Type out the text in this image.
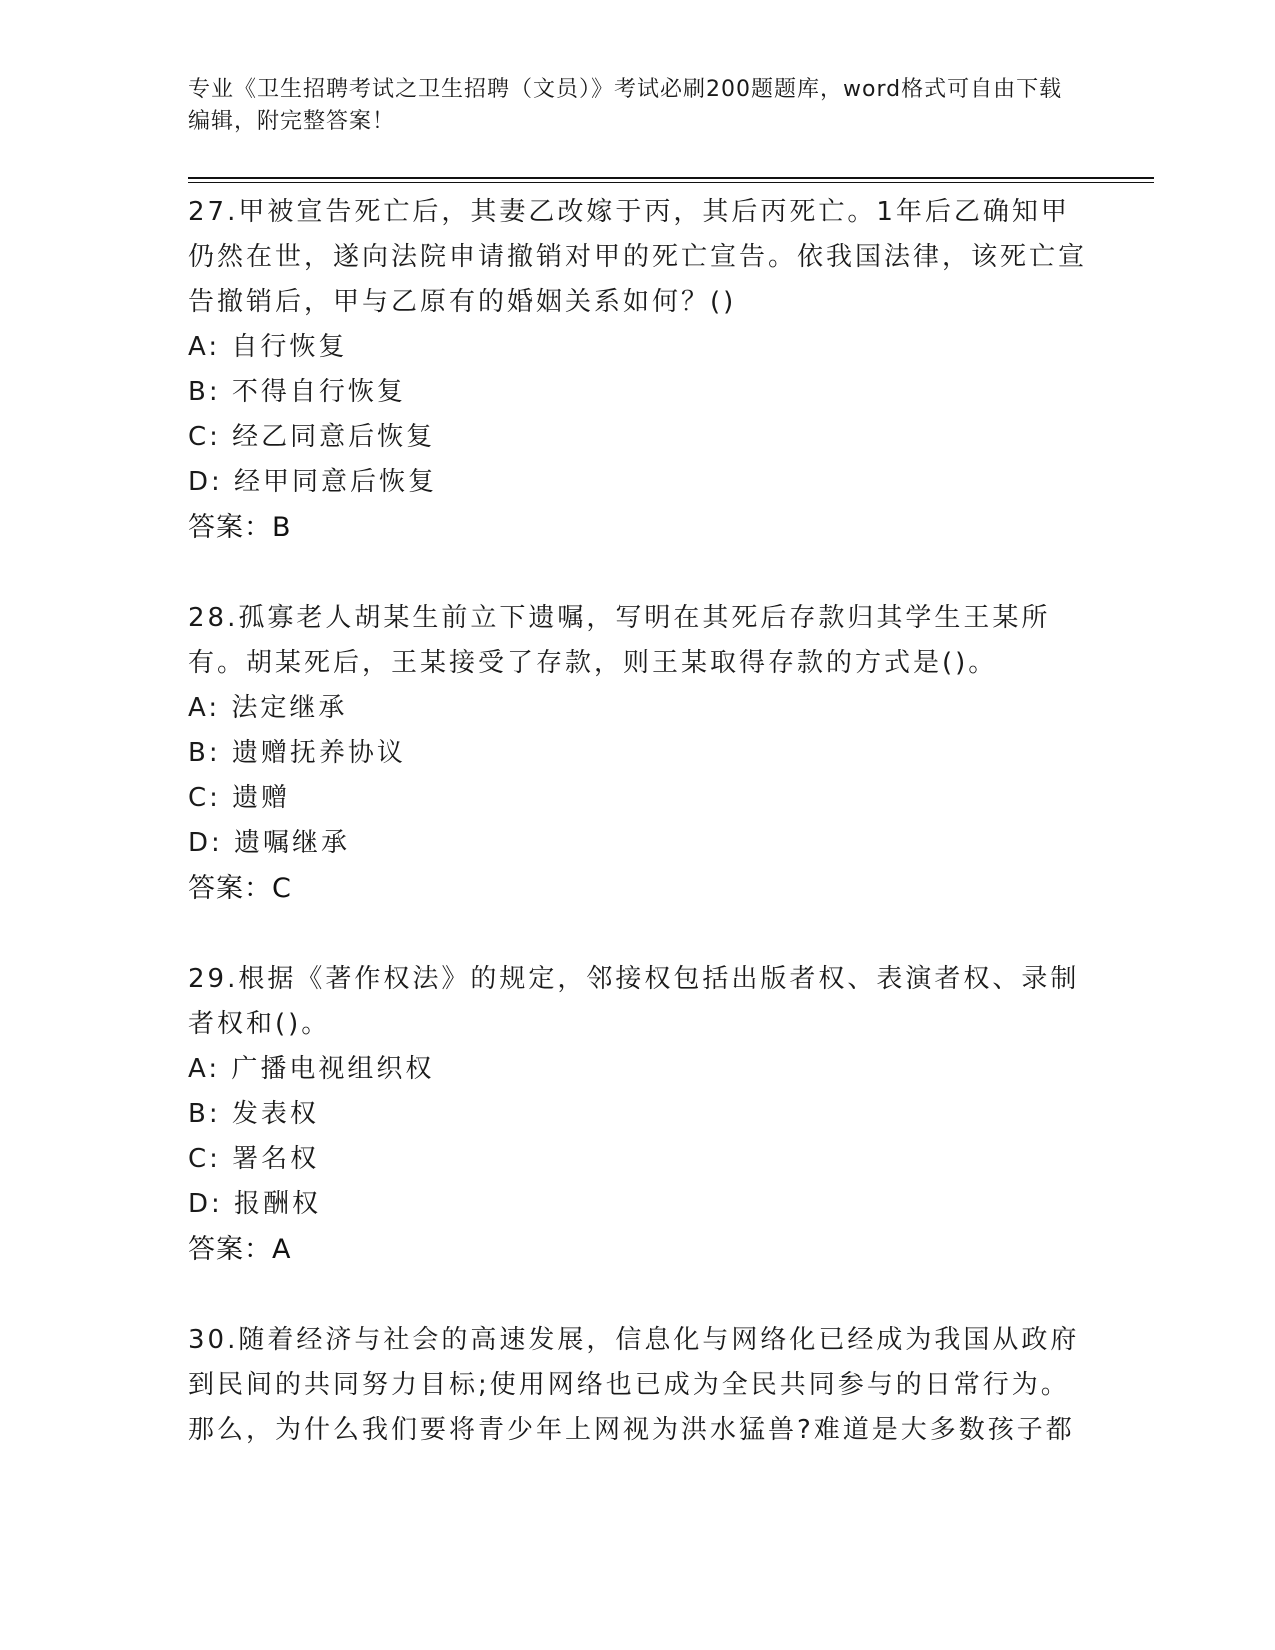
专业《卫生招聘考试之卫生招聘（文员）》考试必刷200题题库，word格式可自由下载编辑，附完整答案！

27.甲被宣告死亡后，其妻乙改嫁于丙，其后丙死亡。1年后乙确知甲仍然在世，遂向法院申请撤销对甲的死亡宣告。依我国法律，该死亡宣告撤销后，甲与乙原有的婚姻关系如何？()

A: 自行恢复

B: 不得自行恢复

C: 经乙同意后恢复

D: 经甲同意后恢复

答案：B

28.孤寡老人胡某生前立下遗嘱，写明在其死后存款归其学生王某所有。胡某死后，王某接受了存款，则王某取得存款的方式是()。

A: 法定继承

B: 遗赠抚养协议

C: 遗赠

D: 遗嘱继承

答案：C

29.根据《著作权法》的规定，邻接权包括出版者权、表演者权、录制者权和()。

A: 广播电视组织权

B: 发表权

C: 署名权

D: 报酬权

答案：A

30.随着经济与社会的高速发展，信息化与网络化已经成为我国从政府到民间的共同努力目标;使用网络也已成为全民共同参与的日常行为。那么，为什么我们要将青少年上网视为洪水猛兽?难道是大多数孩子都
